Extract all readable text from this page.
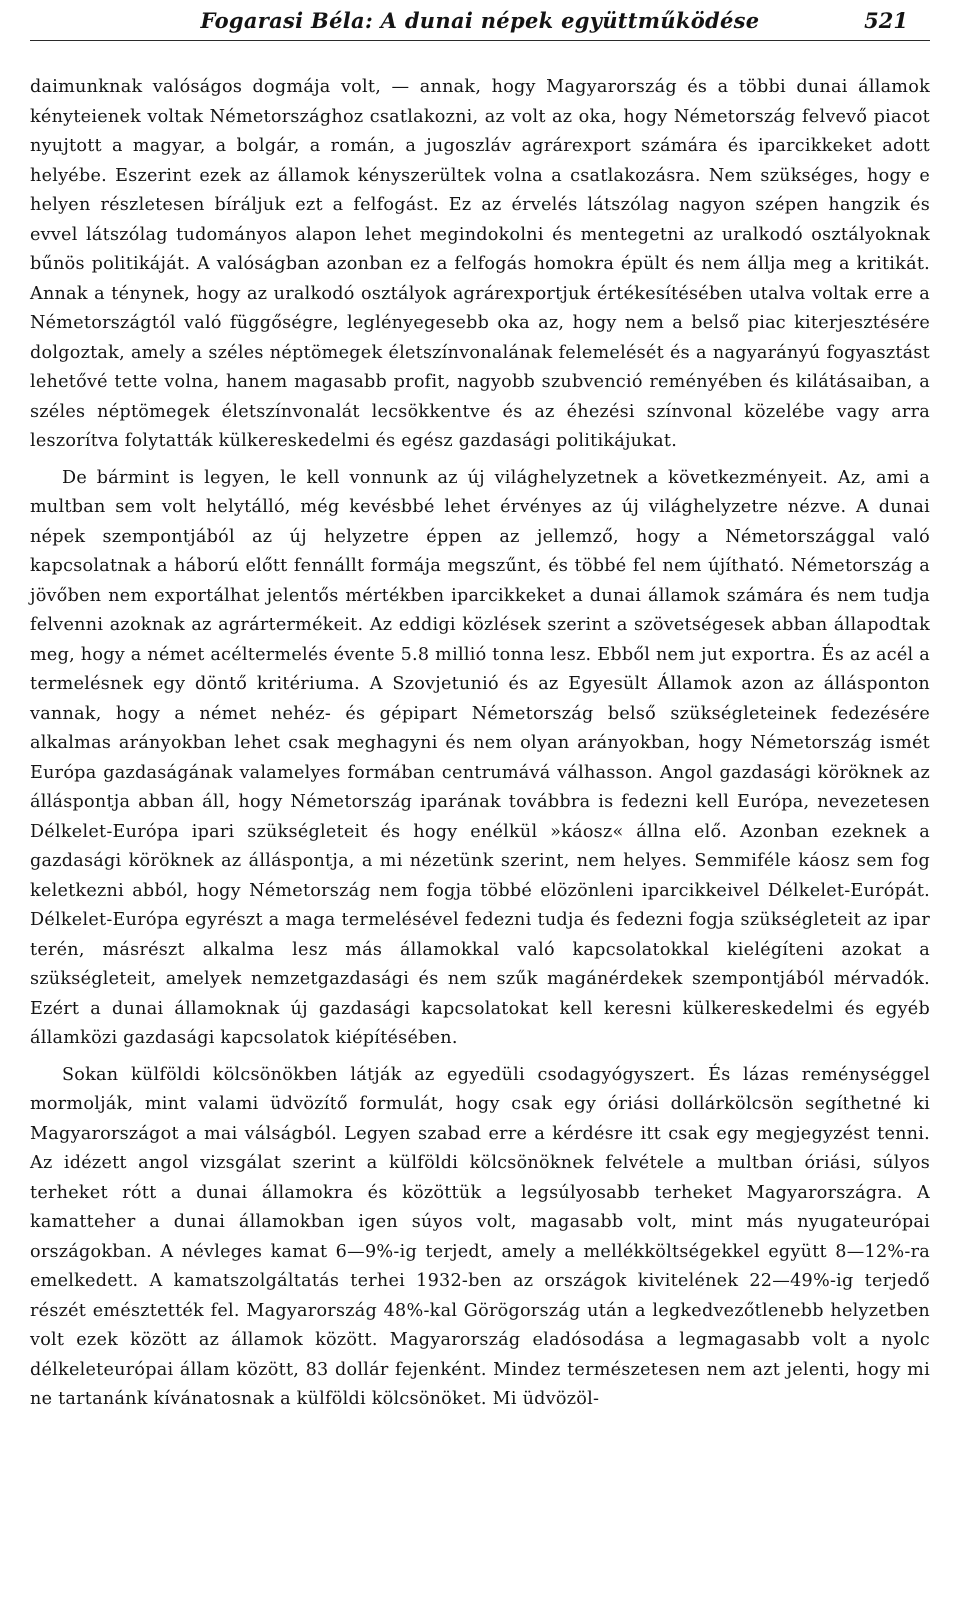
Fogarasi Béla: A dunai népek együttműködése	521

daimunknak valóságos dogmája volt, — annak, hogy Magyarország és a többi dunai államok kényteienek voltak Németországhoz csatlakozni, az volt az oka, hogy Németország felvevő piacot nyujtott a magyar, a bolgár, a román, a jugoszláv agrárexport számára és iparcikkeket adott helyébe. Eszerint ezek az államok kényszerültek volna a csatlakozásra. Nem szükséges, hogy e helyen részletesen bíráljuk ezt a felfogást. Ez az érvelés látszólag nagyon szépen hangzik és evvel látszólag tudományos alapon lehet megindokolni és mentegetni az uralkodó osztályoknak bűnös politikáját. A valóságban azonban ez a felfogás homokra épült és nem állja meg a kritikát. Annak a ténynek, hogy az uralkodó osztályok agrárexportjuk értékesítésében utalva voltak erre a Németországtól való függőségre, leglényegesebb oka az, hogy nem a belső piac kiterjesztésére dolgoztak, amely a széles néptömegek életszínvonalának felemelését és a nagyarányú fogyasztást lehetővé tette volna, hanem magasabb profit, nagyobb szubvenció reményében és kilátásaiban, a széles néptömegek életszínvonalát lecsökkentve és az éhezési színvonal közelébe vagy arra leszorítva folytatták külkereskedelmi és egész gazdasági politikájukat.

De bármint is legyen, le kell vonnunk az új világhelyzetnek a következményeit. Az, ami a multban sem volt helytálló, még kevésbbé lehet érvényes az új világhelyzetre nézve. A dunai népek szempontjából az új helyzetre éppen az jellemző, hogy a Németországgal való kapcsolatnak a háború előtt fennállt formája megszűnt, és többé fel nem újítható. Németország a jövőben nem exportálhat jelentős mértékben iparcikkeket a dunai államok számára és nem tudja felvenni azoknak az agrártermékeit. Az eddigi közlések szerint a szövetségesek abban állapodtak meg, hogy a német acéltermelés évente 5.8 millió tonna lesz. Ebből nem jut exportra. És az acél a termelésnek egy döntő kritériuma. A Szovjetunió és az Egyesült Államok azon az állásponton vannak, hogy a német nehéz- és gépipart Németország belső szükségleteinek fedezésére alkalmas arányokban lehet csak meghagyni és nem olyan arányokban, hogy Németország ismét Európa gazdaságának valamelyes formában centrumává válhasson. Angol gazdasági köröknek az álláspontja abban áll, hogy Németország iparának továbbra is fedezni kell Európa, nevezetesen Délkelet-Európa ipari szükségleteit és hogy enélkül »káosz« állna elő. Azonban ezeknek a gazdasági köröknek az álláspontja, a mi nézetünk szerint, nem helyes. Semmiféle káosz sem fog keletkezni abból, hogy Németország nem fogja többé elözönleni iparcikkeivel Délkelet-Európát. Délkelet-Európa egyrészt a maga termelésével fedezni tudja és fedezni fogja szükségleteit az ipar terén, másrészt alkalma lesz más államokkal való kapcsolatokkal kielégíteni azokat a szükségleteit, amelyek nemzetgazdasági és nem szűk magánérdekek szempontjából mérvadók. Ezért a dunai államoknak új gazdasági kapcsolatokat kell keresni külkereskedelmi és egyéb államközi gazdasági kapcsolatok kiépítésében.

Sokan külföldi kölcsönökben látják az egyedüli csodagyógyszert. És lázas reménységgel mormolják, mint valami üdvözítő formulát, hogy csak egy óriási dollárkölcsön segíthetné ki Magyarországot a mai válságból. Legyen szabad erre a kérdésre itt csak egy megjegyzést tenni. Az idézett angol vizsgálat szerint a külföldi kölcsönöknek felvétele a multban óriási, súlyos terheket rótt a dunai államokra és közöttük a legsúlyosabb terheket Magyarországra. A kamatteher a dunai államokban igen súyos volt, magasabb volt, mint más nyugateurópai országokban. A névleges kamat 6—9%-ig terjedt, amely a mellékköltségekkel együtt 8—12%-ra emelkedett. A kamatszolgáltatás terhei 1932-ben az országok kivitelének 22—49%-ig terjedő részét emésztették fel. Magyarország 48%-kal Görögország után a legkedvezőtlenebb helyzetben volt ezek között az államok között. Magyarország eladósodása a legmagasabb volt a nyolc délkeleteurópai állam között, 83 dollár fejenként. Mindez természetesen nem azt jelenti, hogy mi ne tartanánk kívánatosnak a külföldi kölcsönöket. Mi üdvözöl-
